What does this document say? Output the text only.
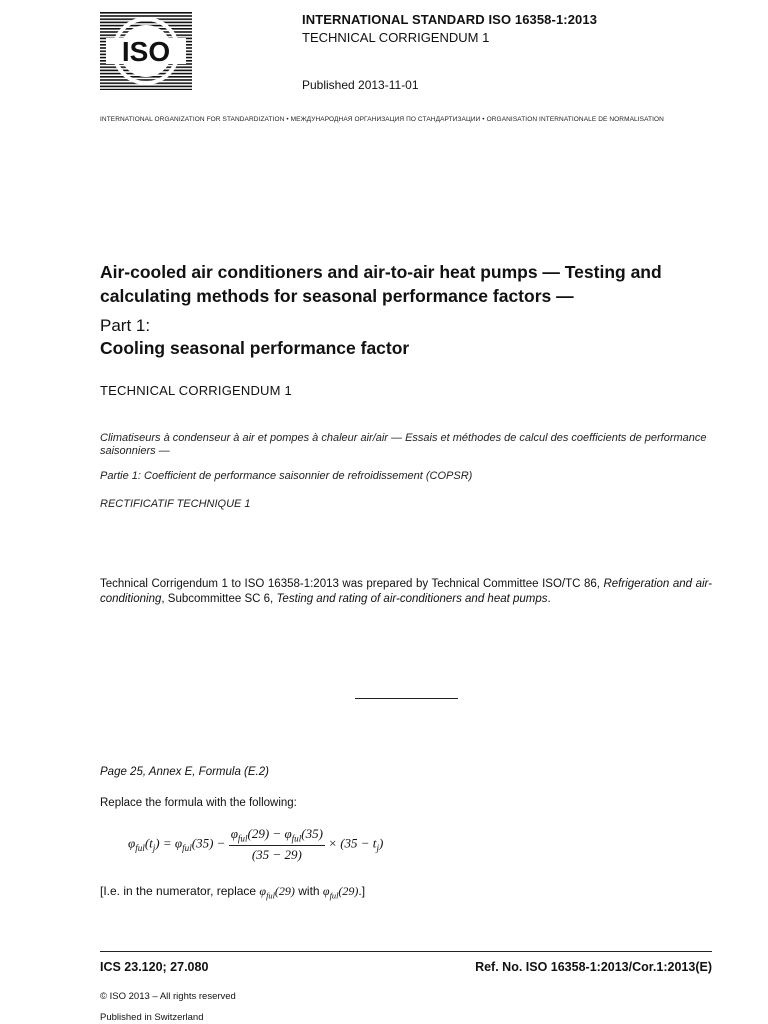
ISO
INTERNATIONAL STANDARD ISO 16358-1:2013
TECHNICAL CORRIGENDUM 1
Published 2013-11-01
INTERNATIONAL ORGANIZATION FOR STANDARDIZATION • МЕЖДУНАРОДНАЯ ОРГАНИЗАЦИЯ ПО СТАНДАРТИЗАЦИИ • ORGANISATION INTERNATIONALE DE NORMALISATION
Air-cooled air conditioners and air-to-air heat pumps — Testing and calculating methods for seasonal performance factors —
Part 1:
Cooling seasonal performance factor
TECHNICAL CORRIGENDUM 1
Climatiseurs à condenseur à air et pompes à chaleur air/air — Essais et méthodes de calcul des coefficients de performance saisonniers —
Partie 1: Coefficient de performance saisonnier de refroidissement (COPSR)
RECTIFICATIF TECHNIQUE 1
Technical Corrigendum 1 to ISO 16358-1:2013 was prepared by Technical Committee ISO/TC 86, Refrigeration and air-conditioning, Subcommittee SC 6, Testing and rating of air-conditioners and heat pumps.
Page 25, Annex E, Formula (E.2)
Replace the formula with the following:
$\varphi_{ful}(t_j) = \varphi_{ful}(35) - \frac{\varphi_{ful}(29) - \varphi_{ful}(35)}{(35 - 29)} \times (35 - t_j)$
[I.e. in the numerator, replace $\varphi_{ful}(29)$ with $\varphi_{ful}(29)$.]
ICS 23.120; 27.080	Ref. No. ISO 16358-1:2013/Cor.1:2013(E)
© ISO 2013 – All rights reserved
Published in Switzerland
